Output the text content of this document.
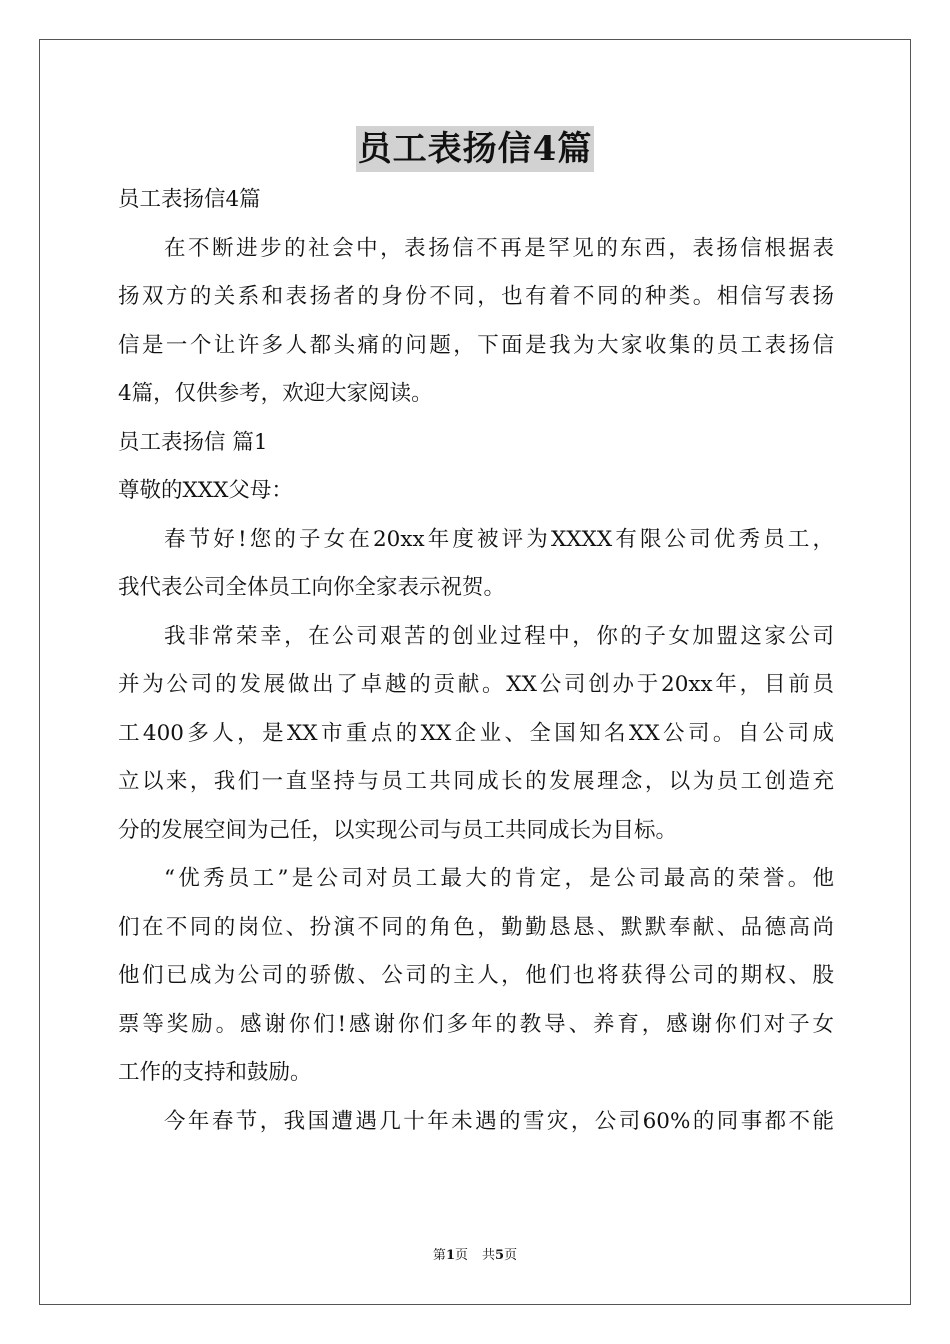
员工表扬信4篇
员工表扬信4篇
在不断进步的社会中，表扬信不再是罕见的东西，表扬信根据表
扬双方的关系和表扬者的身份不同，也有着不同的种类。相信写表扬
信是一个让许多人都头痛的问题，下面是我为大家收集的员工表扬信
4篇，仅供参考，欢迎大家阅读。
员工表扬信 篇1
尊敬的XXX父母：
春节好!您的子女在20xx年度被评为XXXX有限公司优秀员工，
我代表公司全体员工向你全家表示祝贺。
我非常荣幸，在公司艰苦的创业过程中，你的子女加盟这家公司
并为公司的发展做出了卓越的贡献。XX公司创办于20xx年，目前员
工400多人，是XX市重点的XX企业、全国知名XX公司。自公司成
立以来，我们一直坚持与员工共同成长的发展理念，以为员工创造充
分的发展空间为己任，以实现公司与员工共同成长为目标。
“优秀员工”是公司对员工最大的肯定，是公司最高的荣誉。他
们在不同的岗位、扮演不同的角色，勤勤恳恳、默默奉献、品德高尚
他们已成为公司的骄傲、公司的主人，他们也将获得公司的期权、股
票等奖励。感谢你们!感谢你们多年的教导、养育，感谢你们对子女
工作的支持和鼓励。
今年春节，我国遭遇几十年未遇的雪灾，公司60%的同事都不能
第1页 共5页
